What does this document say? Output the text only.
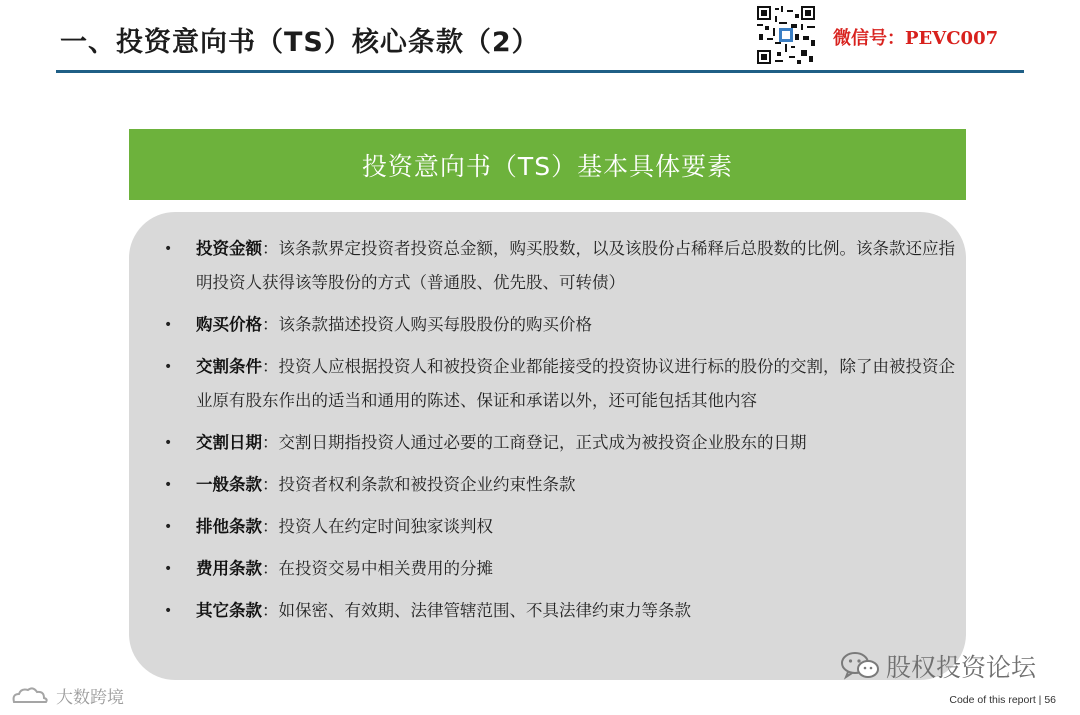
一、投资意向书（TS）核心条款（2）	微信号：PEVC007
投资意向书（TS）基本具体要素
• 投资金额：该条款界定投资者投资总金额，购买股数，以及该股份占稀释后总股数的比例。该条款还应指明投资人获得该等股份的方式（普通股、优先股、可转债）
• 购买价格：该条款描述投资人购买每股股份的购买价格
• 交割条件：投资人应根据投资人和被投资企业都能接受的投资协议进行标的股份的交割，除了由被投资企业原有股东作出的适当和通用的陈述、保证和承诺以外，还可能包括其他内容
• 交割日期：交割日期指投资人通过必要的工商登记，正式成为被投资企业股东的日期
• 一般条款：投资者权利条款和被投资企业约束性条款
• 排他条款：投资人在约定时间独家谈判权
• 费用条款：在投资交易中相关费用的分摊
• 其它条款：如保密、有效期、法律管辖范围、不具法律约束力等条款
股权投资论坛
大数跨境	Code of this report | 56
